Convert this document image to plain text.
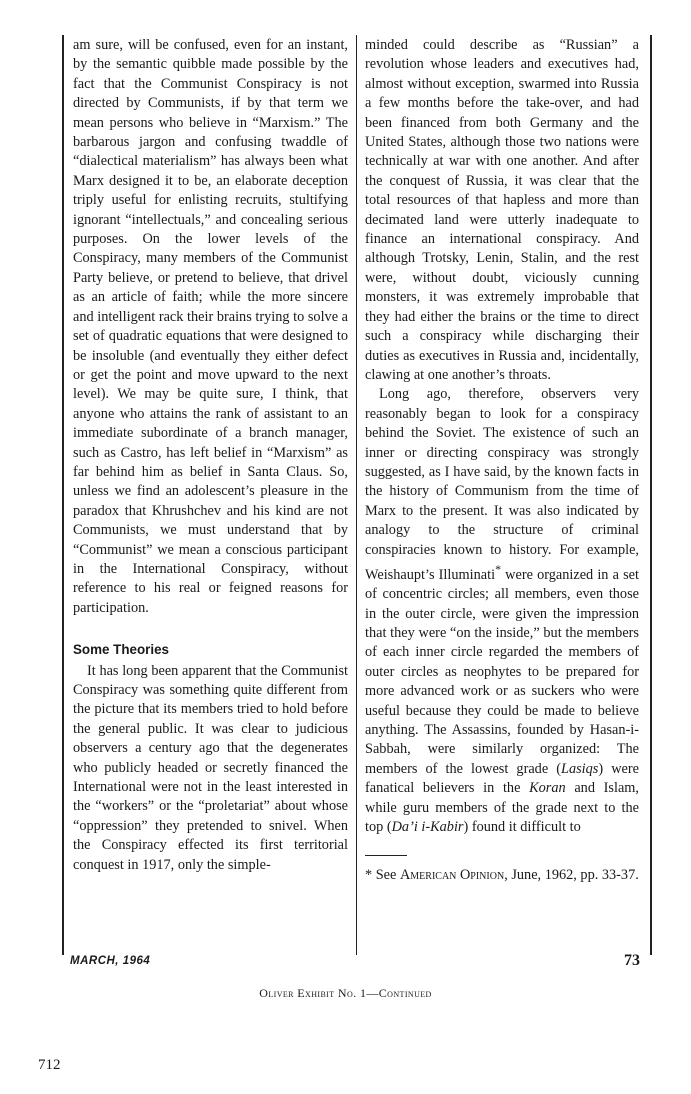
am sure, will be confused, even for an instant, by the semantic quibble made possible by the fact that the Communist Conspiracy is not directed by Communists, if by that term we mean persons who believe in “Marxism.” The barbarous jargon and confusing twaddle of “dialectical materialism” has always been what Marx designed it to be, an elaborate deception triply useful for enlisting recruits, stultifying ignorant “intellectuals,” and concealing serious purposes. On the lower levels of the Conspiracy, many members of the Communist Party believe, or pretend to believe, that drivel as an article of faith; while the more sincere and intelligent rack their brains trying to solve a set of quadratic equations that were designed to be insoluble (and eventually they either defect or get the point and move upward to the next level). We may be quite sure, I think, that anyone who attains the rank of assistant to an immediate subordinate of a branch manager, such as Castro, has left belief in “Marxism” as far behind him as belief in Santa Claus. So, unless we find an adolescent’s pleasure in the paradox that Khrushchev and his kind are not Communists, we must understand that by “Communist” we mean a conscious participant in the International Conspiracy, without reference to his real or feigned reasons for participation.

Some Theories

It has long been apparent that the Communist Conspiracy was something quite different from the picture that its members tried to hold before the general public. It was clear to judicious observers a century ago that the degenerates who publicly headed or secretly financed the International were not in the least interested in the “workers” or the “proletariat” about whose “oppression” they pretended to snivel. When the Conspiracy effected its first territorial conquest in 1917, only the simple-

minded could describe as “Russian” a revolution whose leaders and executives had, almost without exception, swarmed into Russia a few months before the take-over, and had been financed from both Germany and the United States, although those two nations were technically at war with one another. And after the conquest of Russia, it was clear that the total resources of that hapless and more than decimated land were utterly inadequate to finance an international conspiracy. And although Trotsky, Lenin, Stalin, and the rest were, without doubt, viciously cunning monsters, it was extremely improbable that they had either the brains or the time to direct such a conspiracy while discharging their duties as executives in Russia and, incidentally, clawing at one another’s throats.

Long ago, therefore, observers very reasonably began to look for a conspiracy behind the Soviet. The existence of such an inner or directing conspiracy was strongly suggested, as I have said, by the known facts in the history of Communism from the time of Marx to the present. It was also indicated by analogy to the structure of criminal conspiracies known to history. For example, Weishaupt’s Illuminati* were organized in a set of concentric circles; all members, even those in the outer circle, were given the impression that they were “on the inside,” but the members of each inner circle regarded the members of outer circles as neophytes to be prepared for more advanced work or as suckers who were useful because they could be made to believe anything. The Assassins, founded by Hasan-i-Sabbah, were similarly organized: The members of the lowest grade (Lasiqs) were fanatical believers in the Koran and Islam, while guru members of the grade next to the top (Da’i i-Kabir) found it difficult to

* See American Opinion, June, 1962, pp. 33-37.

MARCH, 1964	73
Oliver Exhibit No. 1—Continued
712
